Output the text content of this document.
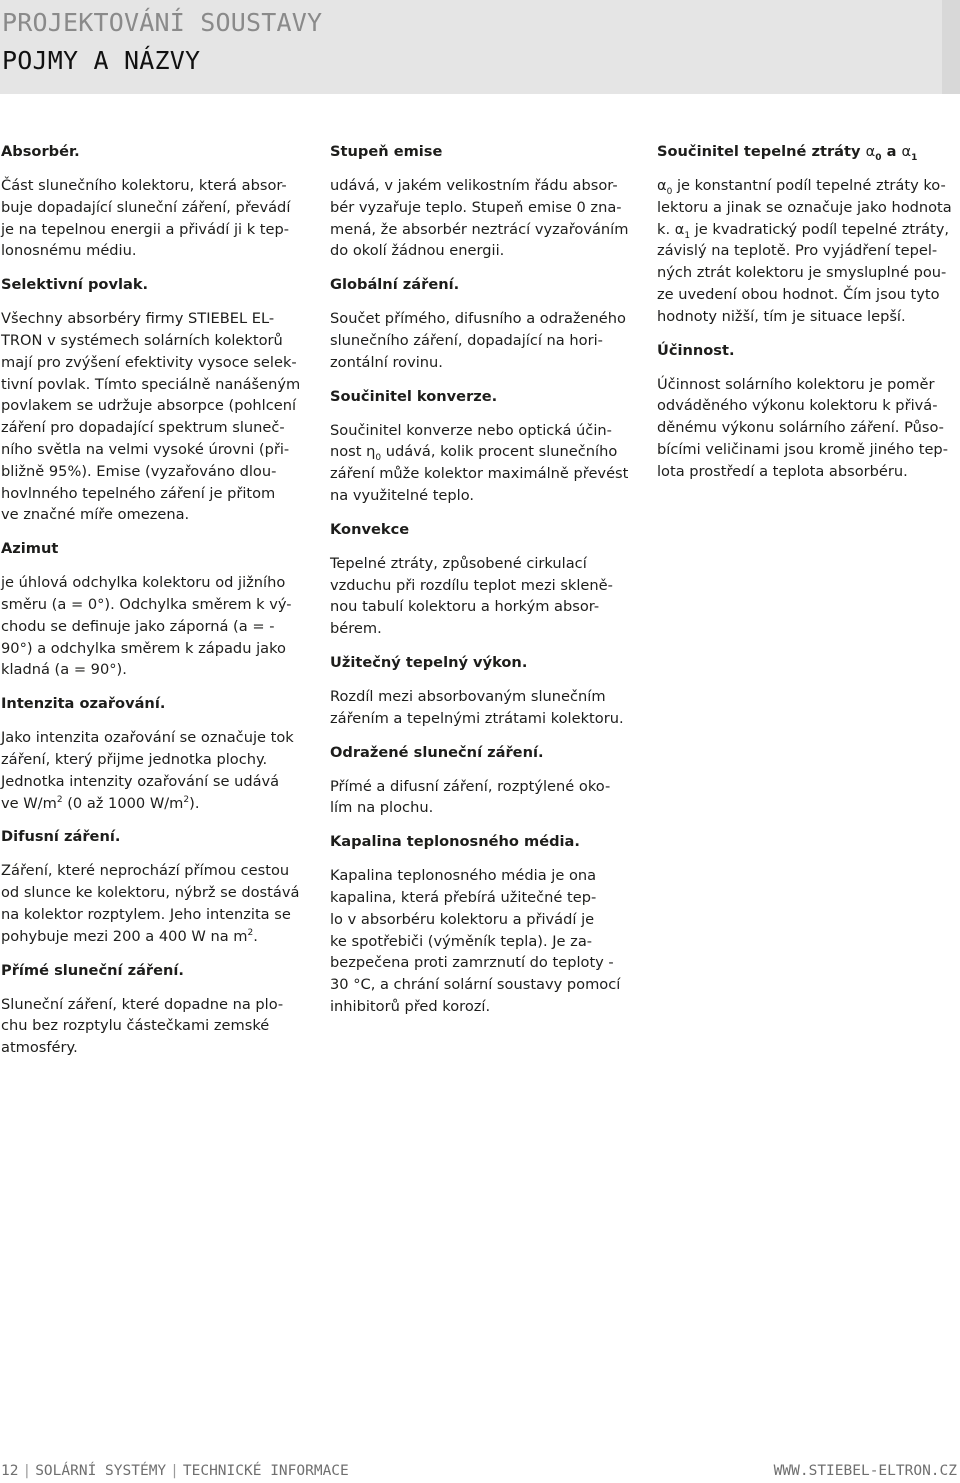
PROJEKTOVÁNÍ SOUSTAVY
POJMY A NÁZVY
Absorbér.

Část slunečního kolektoru, která absor-
buje dopadající sluneční záření, převádí
je na tepelnou energii a přivádí ji k tep-
lonosnému médiu.

Selektivní povlak.

Všechny absorbéry firmy STIEBEL EL-
TRON v systémech solárních kolektorů
mají pro zvýšení efektivity vysoce selek-
tivní povlak. Tímto speciálně nanášeným
povlakem se udržuje absorpce (pohlcení
záření pro dopadající spektrum sluneč-
ního světla na velmi vysoké úrovni (při-
bližně 95%). Emise (vyzařováno dlou-
hovlnného tepelného záření je přitom
ve značné míře omezena.

Azimut

je úhlová odchylka kolektoru od jižního
směru (a = 0°). Odchylka směrem k vý-
chodu se definuje jako záporná (a = -
90°) a odchylka směrem k západu jako
kladná (a = 90°).

Intenzita ozařování.

Jako intenzita ozařování se označuje tok
záření, který přijme jednotka plochy.
Jednotka intenzity ozařování se udává
ve $W/m^2$ (0 až 1000 $W/m^2$).

Difusní záření.

Záření, které neprochází přímou cestou
od slunce ke kolektoru, nýbrž se dostává
na kolektor rozptylem. Jeho intenzita se
pohybuje mezi 200 a 400 W na $m^2$.

Přímé sluneční záření.

Sluneční záření, které dopadne na plo-
chu bez rozptylu částečkami zemské
atmosféry.

Stupeň emise

udává, v jakém velikostním řádu absor-
bér vyzařuje teplo. Stupeň emise 0 zna-
mená, že absorbér neztrácí vyzařováním
do okolí žádnou energii.

Globální záření.

Součet přímého, difusního a odraženého
slunečního záření, dopadající na hori-
zontální rovinu.

Součinitel konverze.

Součinitel konverze nebo optická účin-
nost $\eta_0$ udává, kolik procent slunečního
záření může kolektor maximálně převést
na využitelné teplo.

Konvekce

Tepelné ztráty, způsobené cirkulací
vzduchu při rozdílu teplot mezi skleně-
nou tabulí kolektoru a horkým absor-
bérem.

Užitečný tepelný výkon.

Rozdíl mezi absorbovaným slunečním
zářením a tepelnými ztrátami kolektoru.

Odražené sluneční záření.

Přímé a difusní záření, rozptýlené oko-
lím na plochu.

Kapalina teplonosného média.

Kapalina teplonosného média je ona
kapalina, která přebírá užitečné tep-
lo v absorbéru kolektoru a přivádí je
ke spotřebiči (výměník tepla). Je za-
bezpečena proti zamrznutí do teploty -
30 °C, a chrání solární soustavy pomocí
inhibitorů před korozí.

Součinitel tepelné ztráty $\alpha_0$ a $\alpha_1$

$\alpha_0$ je konstantní podíl tepelné ztráty ko-
lektoru a jinak se označuje jako hodnota
k. $\alpha_1$ je kvadratický podíl tepelné ztráty,
závislý na teplotě. Pro vyjádření tepel-
ných ztrát kolektoru je smysluplné pou-
ze uvedení obou hodnot. Čím jsou tyto
hodnoty nižší, tím je situace lepší.

Účinnost.

Účinnost solárního kolektoru je poměr
odváděného výkonu kolektoru k přivá-
děnému výkonu solárního záření. Půso-
bícími veličinami jsou kromě jiného tep-
lota prostředí a teplota absorbéru.

12 | SOLÁRNÍ SYSTÉMY | TECHNICKÉ INFORMACE	WWW.STIEBEL-ELTRON.CZ
